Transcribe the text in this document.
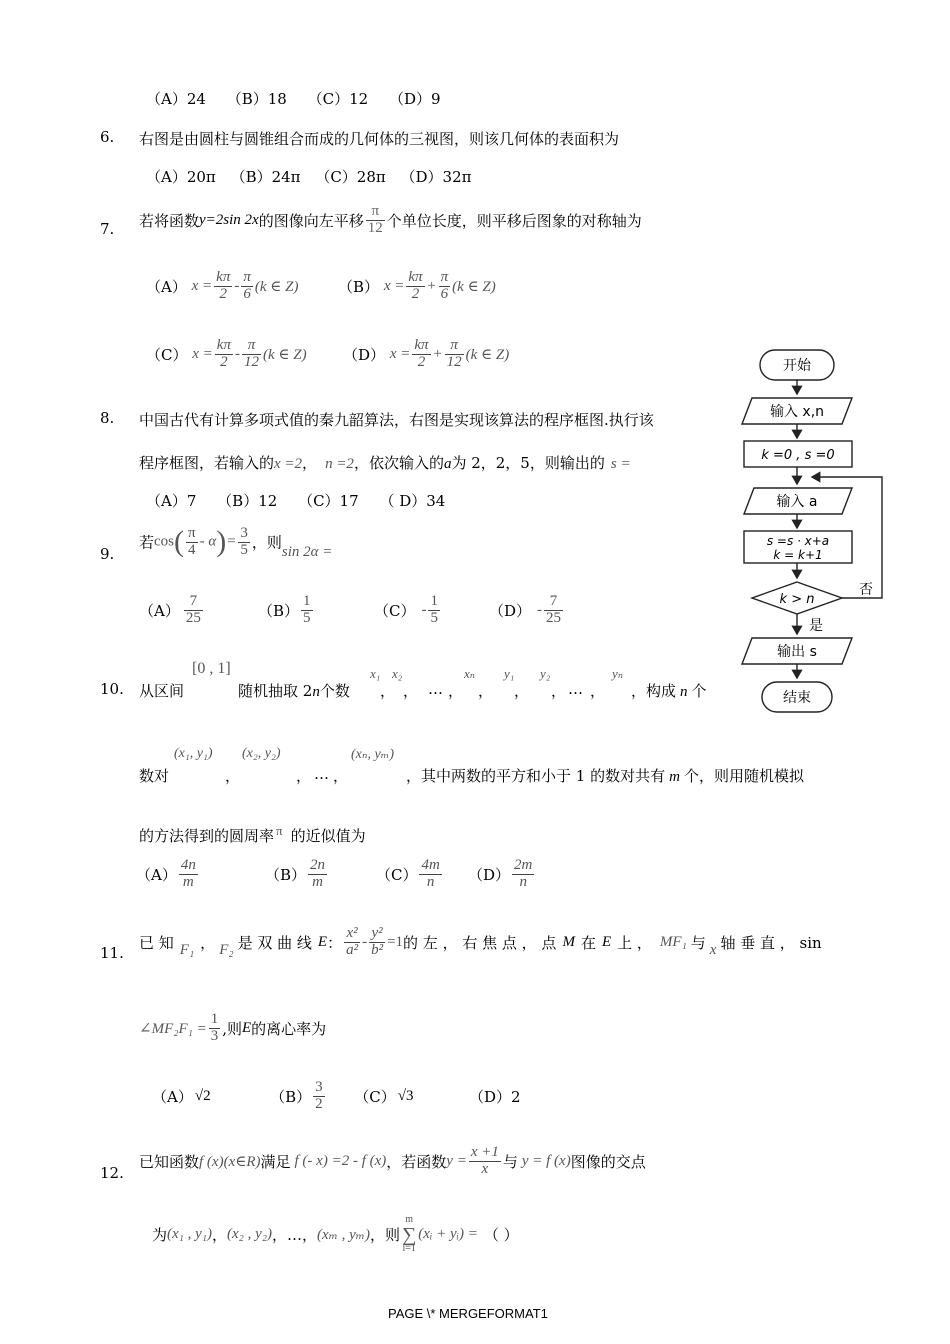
（A）24 （B）18 （C）12 （D）9
6. 右图是由圆柱与圆锥组合而成的几何体的三视图，则该几何体的表面积为
（A）20π （B）24π （C）28π （D）32π
7. 若将函数y=2sin 2x的图像向左平移 $\frac{\pi}{12}$ 个单位长度，则平移后图象的对称轴为
（A） $x = \frac{k\pi}{2} - \frac{\pi}{6} (k$ ∈ Z)	（B） $x = \frac{k\pi}{2} + \frac{\pi}{6} (k$ ∈ Z)
（C） $x = \frac{k\pi}{2} - \frac{\pi}{12} (k$ ∈ Z) （D） $x = \frac{k\pi}{2} + \frac{\pi}{12} (k$ ∈ Z)
8. 中国古代有计算多项式值的秦九韶算法，右图是实现该算法的程序框图.执行该
程序框图，若输入的x =2， n =2，依次输入的a为 2，2，5，则输出的 s =
（A）7 （B）12 （C）17 （ D）34
9.
若$\cos( \frac{\pi}{4} - \alpha)= \frac{3}{5}$ ，则sin 2α =
$(A) \frac{7}{25}$	$(B) \frac{1}{5}$	$(C) - \frac{1}{5}$	$(D) - \frac{7}{25}$
10. 从区间
[0 , 1]
随机抽取 2n个数
x₁ x₂
， ， … ，
xₙ
，
y₁
，
y₂
， … ，
yₙ
，构成 n 个
数对
(x₁, y₁)
，
(x₂, y₂)
， … ，
(xₙ, yₘ)
，其中两数的平方和小于 1 的数对共有 m 个，则用随机模拟
的方法得到的圆周率 π 的近似值为
$(A) \frac{4n}{m}$	$(B) \frac{2n}{m}$	$(C) \frac{4m}{n} (D) \frac{2m}{n}$
11.
已 知 F₁ ， F₂ 是 双 曲 线 E： $\frac{\text{x²}}{\text{a²}} - \frac{\text{y²}}{\text{b²}} =1$的 左 ， 右 焦 点 ， 点 M 在 E 上 ， MF₁ 与 x 轴 垂 直 ， sin
∠MF₂F₁ = $\frac{1}{3}$ ,则E的离心率为
（A） √2	$(B) \frac{3}{2} (C)$ √3	（D）2
12.
已知函数f (x)(x∈R)满足 f (- x) =2 - f (x)，若函数$y = \frac{x +1}{x}$ 与 y = f (x)图像的交点
为(x₁ , y₁)，(x₂ , y₂)，…，(xₘ , yₘ)，则
m
∑
i=1
(xᵢ + yᵢ) = （ ）
开始
输入 x,n
k =0 , s =0
输入 a
s =s · x+a
k = k+1
k > n
否
是
输出 s
结束
PAGE \* MERGEFORMAT1
